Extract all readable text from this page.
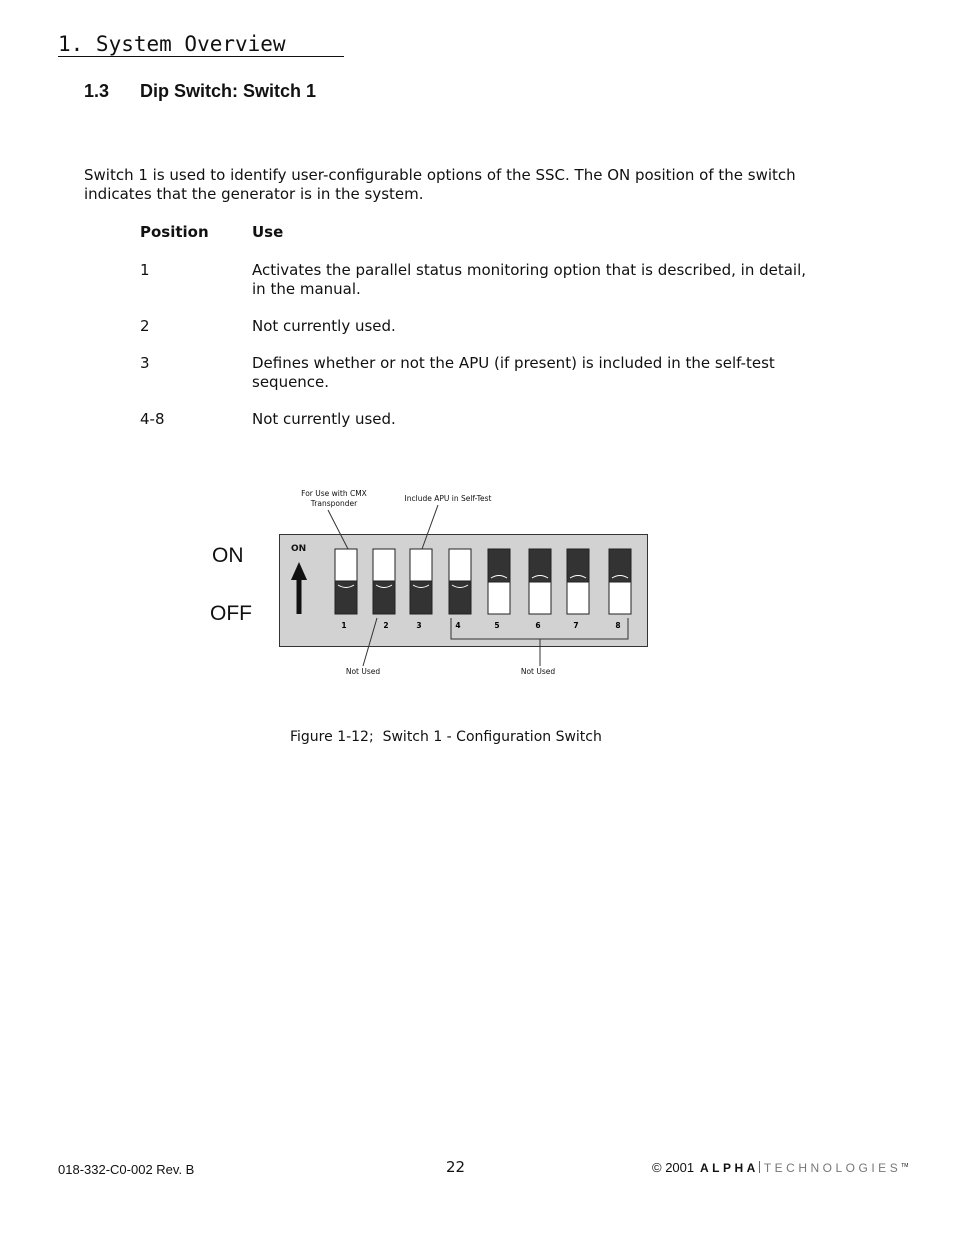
1. System Overview
1.3 Dip Switch: Switch 1
Switch 1 is used to identify user-configurable options of the SSC. The ON position of the switch indicates that the generator is in the system.
Position	Use
1	Activates the parallel status monitoring option that is described, in detail, in the manual.
2	Not currently used.
3	Defines whether or not the APU (if present) is included in the self-test sequence.
4-8	Not currently used.
ON
OFF
ON
1	2	3	4	5	6	7	8
For Use with CMX
Transponder
Include APU in Self-Test
Not Used	Not Used
Figure 1-12;  Switch 1 - Configuration Switch
018-332-C0-002 Rev. B	22	© 2001 ALPHA TECHNOLOGIES™
